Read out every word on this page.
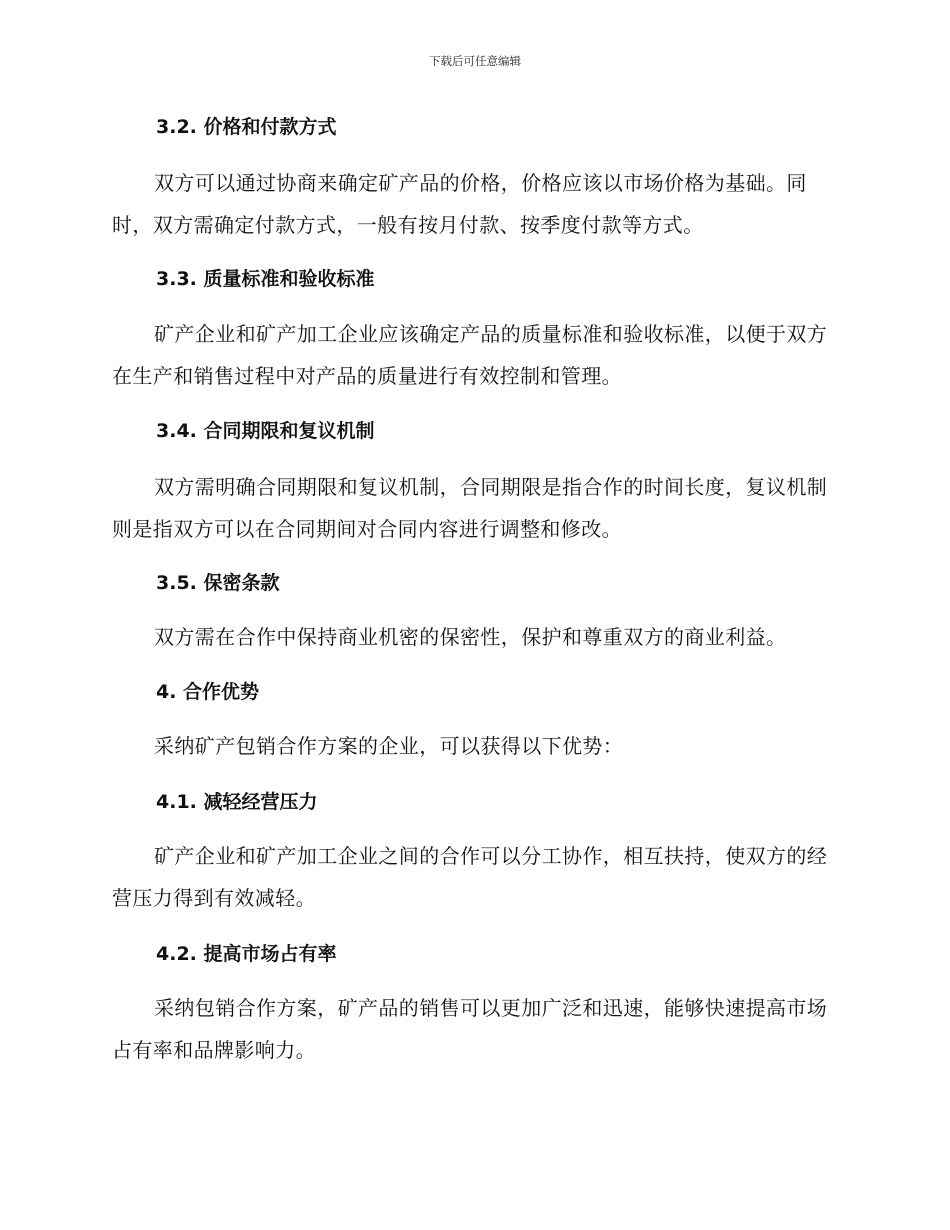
下载后可任意编辑
3.2. 价格和付款方式

双方可以通过协商来确定矿产品的价格，价格应该以市场价格为基础。同时，双方需确定付款方式，一般有按月付款、按季度付款等方式。

3.3. 质量标准和验收标准

矿产企业和矿产加工企业应该确定产品的质量标准和验收标准，以便于双方在生产和销售过程中对产品的质量进行有效控制和管理。

3.4. 合同期限和复议机制

双方需明确合同期限和复议机制，合同期限是指合作的时间长度，复议机制则是指双方可以在合同期间对合同内容进行调整和修改。

3.5. 保密条款

双方需在合作中保持商业机密的保密性，保护和尊重双方的商业利益。

4. 合作优势

采纳矿产包销合作方案的企业，可以获得以下优势：

4.1. 减轻经营压力

矿产企业和矿产加工企业之间的合作可以分工协作，相互扶持，使双方的经营压力得到有效减轻。

4.2. 提高市场占有率

采纳包销合作方案，矿产品的销售可以更加广泛和迅速，能够快速提高市场占有率和品牌影响力。
